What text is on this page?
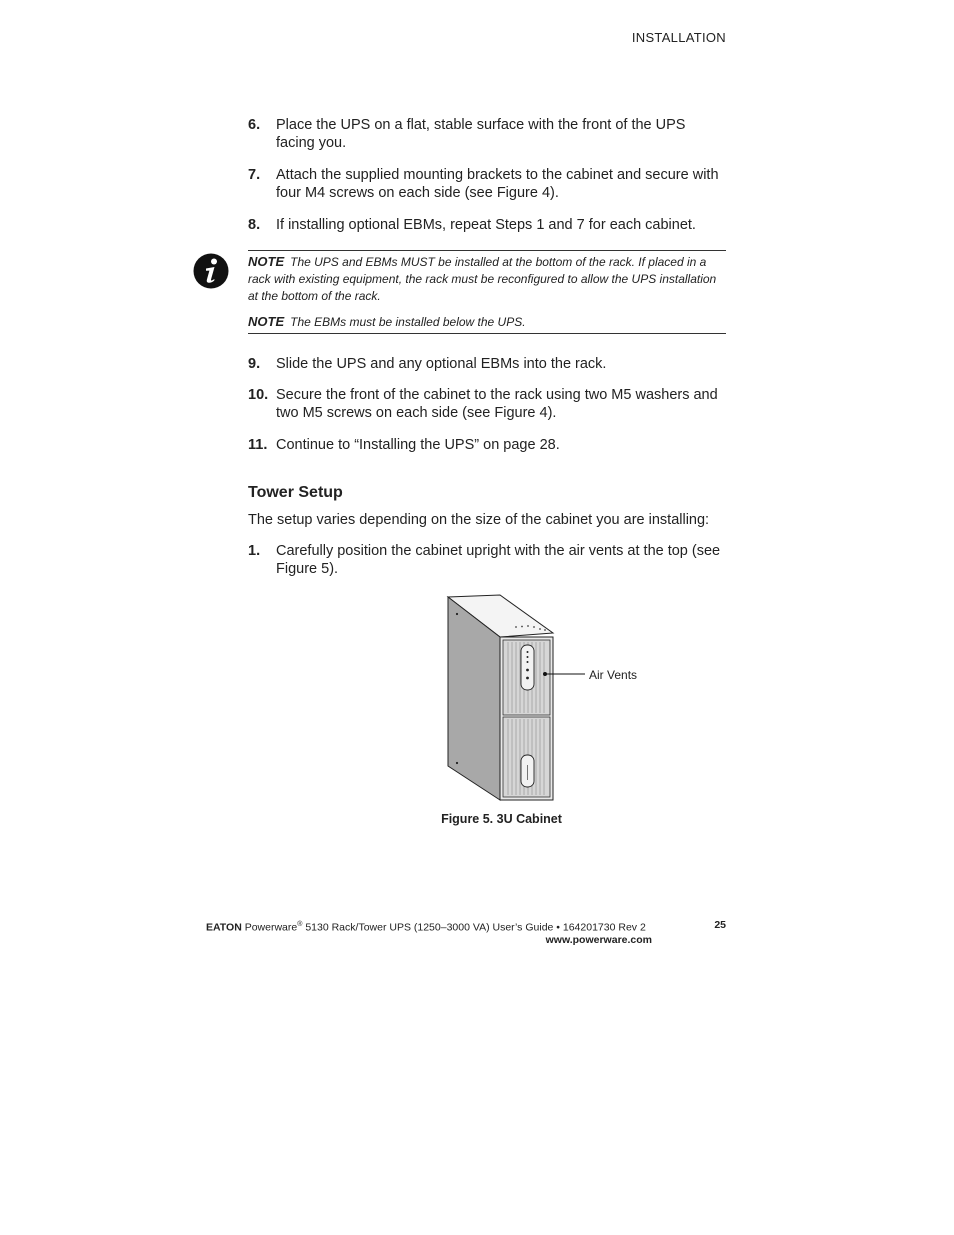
INSTALLATION
6. Place the UPS on a flat, stable surface with the front of the UPS facing you.
7. Attach the supplied mounting brackets to the cabinet and secure with four M4 screws on each side (see Figure 4).
8. If installing optional EBMs, repeat Steps 1 and 7 for each cabinet.
NOTE The UPS and EBMs MUST be installed at the bottom of the rack. If placed in a rack with existing equipment, the rack must be reconfigured to allow the UPS installation at the bottom of the rack.
NOTE The EBMs must be installed below the UPS.
9. Slide the UPS and any optional EBMs into the rack.
10. Secure the front of the cabinet to the rack using two M5 washers and two M5 screws on each side (see Figure 4).
11. Continue to “Installing the UPS” on page 28.
Tower Setup
The setup varies depending on the size of the cabinet you are installing:
1. Carefully position the cabinet upright with the air vents at the top (see Figure 5).
Air Vents
Figure 5. 3U Cabinet
EATON Powerware® 5130 Rack/Tower UPS (1250–3000 VA) User’s Guide • 164201730 Rev 2	25
www.powerware.com
